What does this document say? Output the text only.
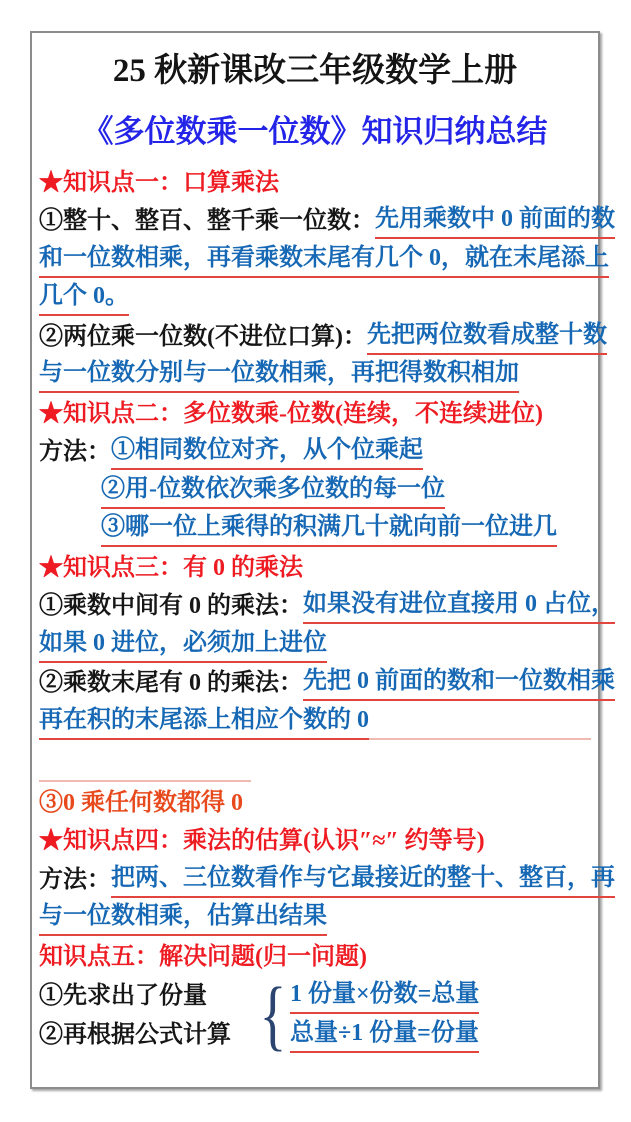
25 秋新课改三年级数学上册
《多位数乘一位数》知识归纳总结
★知识点一：口算乘法
①整十、整百、整千乘一位数： 先用乘数中 0 前面的数
和一位数相乘，再看乘数末尾有几个 0，就在末尾添上
几个 0。
②两位乘一位数(不进位口算)： 先把两位数看成整十数
与一位数分别与一位数相乘，再把得数积相加
★知识点二：多位数乘-位数(连续，不连续进位)
方法： ①相同数位对齐，从个位乘起
②用-位数依次乘多位数的每一位
③哪一位上乘得的积满几十就向前一位进几
★知识点三：有 0 的乘法
①乘数中间有 0 的乘法： 如果没有进位直接用 0 占位，
如果 0 进位，必须加上进位
②乘数末尾有 0 的乘法： 先把 0 前面的数和一位数相乘
再在积的末尾添上相应个数的 0
③0 乘任何数都得 0
★知识点四：乘法的估算(认识″≈″ 约等号)
方法： 把两、三位数看作与它最接近的整十、整百，再
与一位数相乘，估算出结果
知识点五：解决问题(归一问题)
①先求出了份量
②再根据公式计算 { 1 份量×份数=总量
总量÷1 份量=份量
